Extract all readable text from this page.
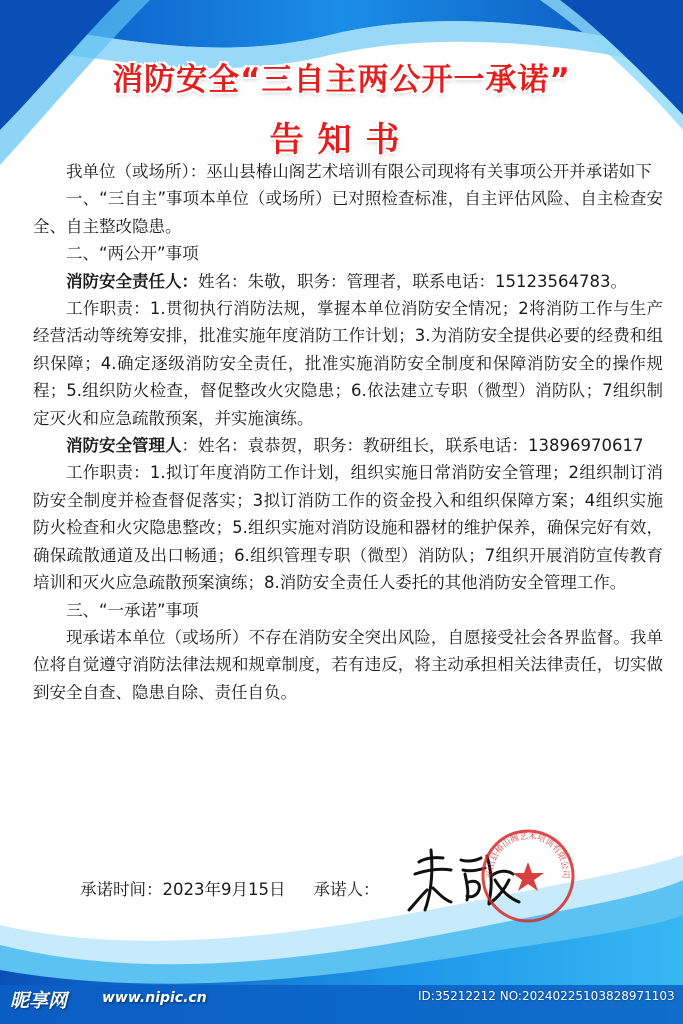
消防安全“三自主两公开一承诺”
告知书

我单位（或场所）：巫山县椿山阁艺术培训有限公司现将有关事项公开并承诺如下

一、“三自主”事项本单位（或场所）已对照检查标准，自主评估风险、自主检查安全、自主整改隐患。

二、“两公开”事项

消防安全责任人：姓名：朱敬，职务：管理者，联系电话：15123564783。

工作职责：1.贯彻执行消防法规，掌握本单位消防安全情况；2将消防工作与生产经营活动等统筹安排，批准实施年度消防工作计划；3.为消防安全提供必要的经费和组织保障；4.确定逐级消防安全责任，批准实施消防安全制度和保障消防安全的操作规程；5.组织防火检查，督促整改火灾隐患；6.依法建立专职（微型）消防队；7组织制定灭火和应急疏散预案，并实施演练。

消防安全管理人：姓名：袁恭贺，职务：教研组长，联系电话：13896970617

工作职责：1.拟订年度消防工作计划，组织实施日常消防安全管理；2组织制订消防安全制度并检查督促落实；3拟订消防工作的资金投入和组织保障方案；4组织实施防火检查和火灾隐患整改；5.组织实施对消防设施和器材的维护保养，确保完好有效，确保疏散通道及出口畅通；6.组织管理专职（微型）消防队；7组织开展消防宣传教育培训和灭火应急疏散预案演练；8.消防安全责任人委托的其他消防安全管理工作。

三、“一承诺”事项

现承诺本单位（或场所）不存在消防安全突出风险，自愿接受社会各界监督。我单位将自觉遵守消防法律法规和规章制度，若有违反，将主动承担相关法律责任，切实做到安全自查、隐患自除、责任自负。

承诺时间： 2023年9月15日 承诺人：
巫山县椿山阁艺术培训有限公司
昵享网 www.nipic.cn	ID:35212212 NO:20240225103828971103
